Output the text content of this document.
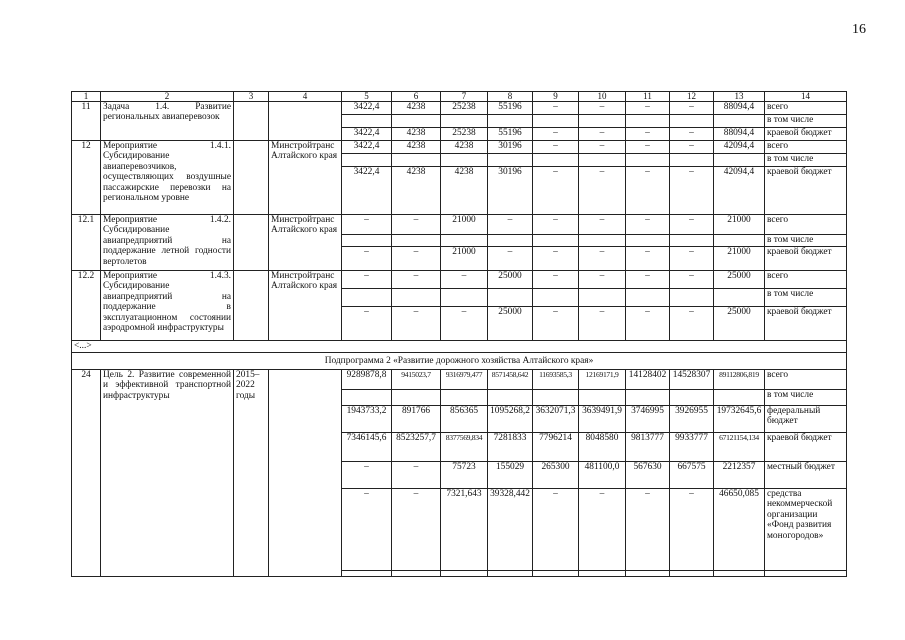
16
1	2	3	4	5	6	7	8	9	10	11	12	13	14
11	Задача 1.4. Развитие региональных авиаперевозок			3422,4	4238	25238	55196	–	–	–	–	88094,4	всего
													в том числе
				3422,4	4238	25238	55196	–	–	–	–	88094,4	краевой бюджет
12	Мероприятие 1.4.1. Субсидирование авиаперевозчиков, осуществляющих воздушные пассажирские перевозки на региональном уровне		Минстройтранс Алтайского края	3422,4	4238	4238	30196	–	–	–	–	42094,4	всего
													в том числе
				3422,4	4238	4238	30196	–	–	–	–	42094,4	краевой бюджет
12.1	Мероприятие 1.4.2. Субсидирование авиапредприятий на поддержание летной годности вертолетов		Минстройтранс Алтайского края	–	–	21000	–	–	–	–	–	21000	всего
													в том числе
				–	–	21000	–	–	–	–	–	21000	краевой бюджет
12.2	Мероприятие 1.4.3. Субсидирование авиапредприятий на поддержание в эксплуатационном состоянии аэродромной инфраструктуры		Минстройтранс Алтайского края	–	–	–	25000	–	–	–	–	25000	всего
													в том числе
				–	–	–	25000	–	–	–	–	25000	краевой бюджет
<...>													
Подпрограмма 2 «Развитие дорожного хозяйства Алтайского края»													
24	Цель 2. Развитие современной и эффективной транспортной инфраструктуры	2015–2022 годы		9289878,8	9415023,7	9316979,477	8571458,642	11693585,3	12169171,9	14128402	14528307	89112806,819	всего
													в том числе
				1943733,2	891766	856365	1095268,2	3632071,3	3639491,9	3746995	3926955	19732645,6	федеральный бюджет
				7346145,6	8523257,7	8377569,834	7281833	7796214	8048580	9813777	9933777	67121154,134	краевой бюджет
				–	–	75723	155029	265300	481100,0	567630	667575	2212357	местный бюджет
				–	–	7321,643	39328,442	–	–	–	–	46650,085	средства некоммерческой организации «Фонд развития моногородов»
